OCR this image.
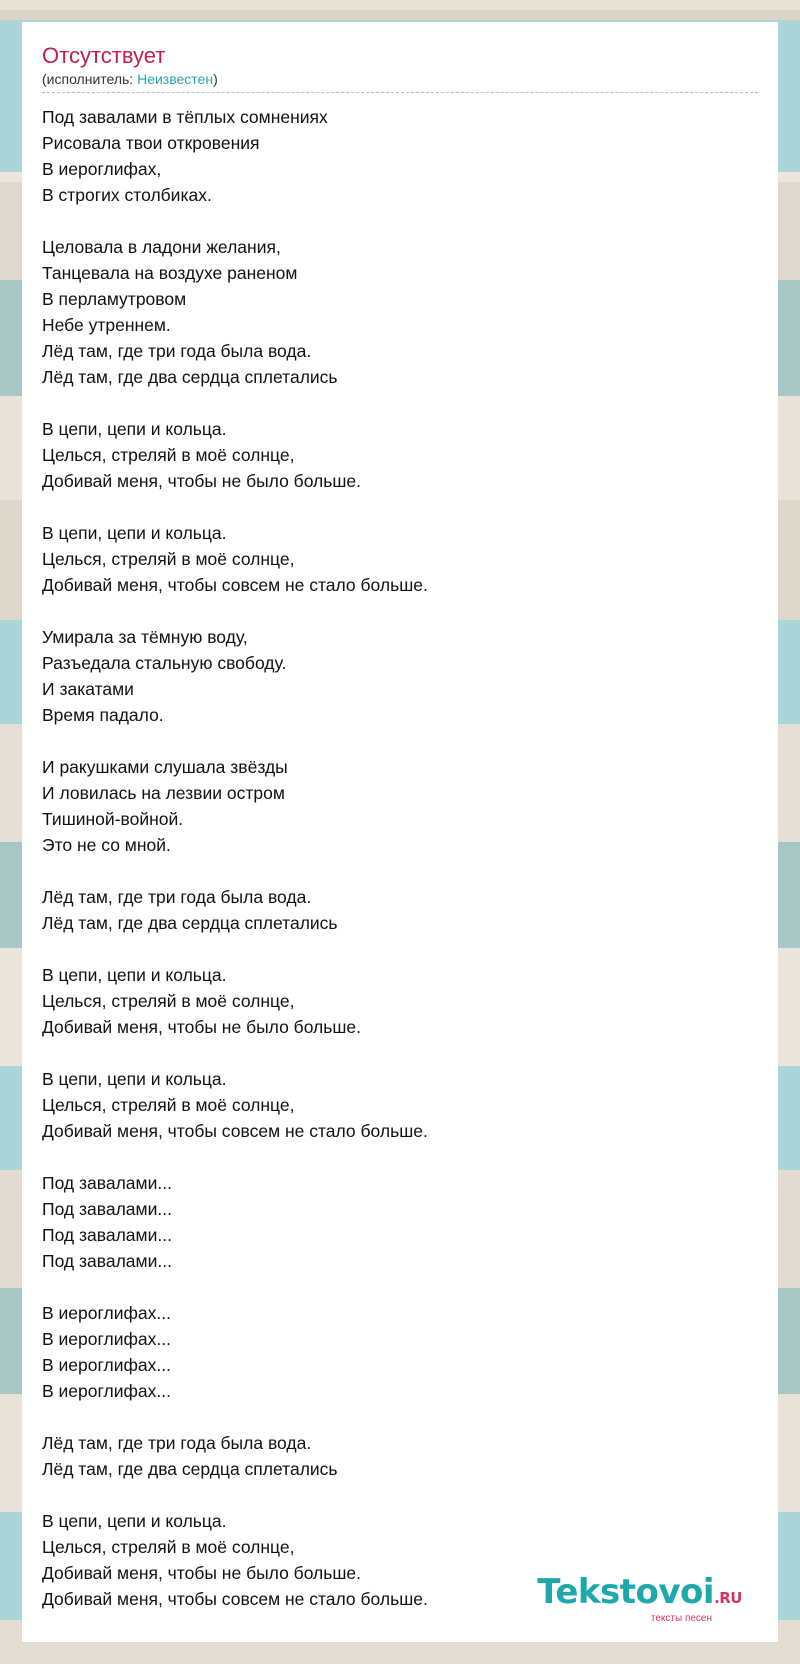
Отсутствует
(исполнитель: Неизвестен)
Под завалами в тёплых сомнениях
Рисовала твои откровения
В иероглифах,
В строгих столбиках.

Целовала в ладони желания,
Танцевала на воздухе раненом
В перламутровом
Небе утреннем.
Лёд там, где три года была вода.
Лёд там, где два сердца сплетались

В цепи, цепи и кольца.
Целься, стреляй в моё солнце,
Добивай меня, чтобы не было больше.

В цепи, цепи и кольца.
Целься, стреляй в моё солнце,
Добивай меня, чтобы совсем не стало больше.

Умирала за тёмную воду,
Разъедала стальную свободу.
И закатами
Время падало.

И ракушками слушала звёзды
И ловилась на лезвии остром
Тишиной-войной.
Это не со мной.

Лёд там, где три года была вода.
Лёд там, где два сердца сплетались

В цепи, цепи и кольца.
Целься, стреляй в моё солнце,
Добивай меня, чтобы не было больше.

В цепи, цепи и кольца.
Целься, стреляй в моё солнце,
Добивай меня, чтобы совсем не стало больше.

Под завалами...
Под завалами...
Под завалами...
Под завалами...

В иероглифах...
В иероглифах...
В иероглифах...
В иероглифах...

Лёд там, где три года была вода.
Лёд там, где два сердца сплетались

В цепи, цепи и кольца.
Целься, стреляй в моё солнце,
Добивай меня, чтобы не было больше.
Добивай меня, чтобы совсем не стало больше.	Tekstovoi.RU
тексты песен
